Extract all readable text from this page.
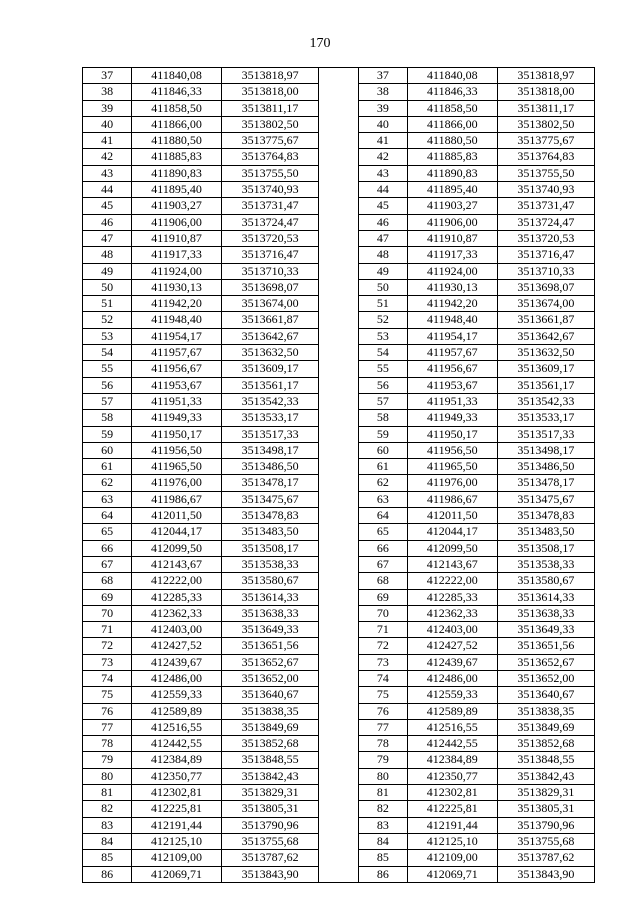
170
37	411840,08	3513818,97		37	411840,08	3513818,97
38	411846,33	3513818,00		38	411846,33	3513818,00
39	411858,50	3513811,17		39	411858,50	3513811,17
40	411866,00	3513802,50		40	411866,00	3513802,50
41	411880,50	3513775,67		41	411880,50	3513775,67
42	411885,83	3513764,83		42	411885,83	3513764,83
43	411890,83	3513755,50		43	411890,83	3513755,50
44	411895,40	3513740,93		44	411895,40	3513740,93
45	411903,27	3513731,47		45	411903,27	3513731,47
46	411906,00	3513724,47		46	411906,00	3513724,47
47	411910,87	3513720,53		47	411910,87	3513720,53
48	411917,33	3513716,47		48	411917,33	3513716,47
49	411924,00	3513710,33		49	411924,00	3513710,33
50	411930,13	3513698,07		50	411930,13	3513698,07
51	411942,20	3513674,00		51	411942,20	3513674,00
52	411948,40	3513661,87		52	411948,40	3513661,87
53	411954,17	3513642,67		53	411954,17	3513642,67
54	411957,67	3513632,50		54	411957,67	3513632,50
55	411956,67	3513609,17		55	411956,67	3513609,17
56	411953,67	3513561,17		56	411953,67	3513561,17
57	411951,33	3513542,33		57	411951,33	3513542,33
58	411949,33	3513533,17		58	411949,33	3513533,17
59	411950,17	3513517,33		59	411950,17	3513517,33
60	411956,50	3513498,17		60	411956,50	3513498,17
61	411965,50	3513486,50		61	411965,50	3513486,50
62	411976,00	3513478,17		62	411976,00	3513478,17
63	411986,67	3513475,67		63	411986,67	3513475,67
64	412011,50	3513478,83		64	412011,50	3513478,83
65	412044,17	3513483,50		65	412044,17	3513483,50
66	412099,50	3513508,17		66	412099,50	3513508,17
67	412143,67	3513538,33		67	412143,67	3513538,33
68	412222,00	3513580,67		68	412222,00	3513580,67
69	412285,33	3513614,33		69	412285,33	3513614,33
70	412362,33	3513638,33		70	412362,33	3513638,33
71	412403,00	3513649,33		71	412403,00	3513649,33
72	412427,52	3513651,56		72	412427,52	3513651,56
73	412439,67	3513652,67		73	412439,67	3513652,67
74	412486,00	3513652,00		74	412486,00	3513652,00
75	412559,33	3513640,67		75	412559,33	3513640,67
76	412589,89	3513838,35		76	412589,89	3513838,35
77	412516,55	3513849,69		77	412516,55	3513849,69
78	412442,55	3513852,68		78	412442,55	3513852,68
79	412384,89	3513848,55		79	412384,89	3513848,55
80	412350,77	3513842,43		80	412350,77	3513842,43
81	412302,81	3513829,31		81	412302,81	3513829,31
82	412225,81	3513805,31		82	412225,81	3513805,31
83	412191,44	3513790,96		83	412191,44	3513790,96
84	412125,10	3513755,68		84	412125,10	3513755,68
85	412109,00	3513787,62		85	412109,00	3513787,62
86	412069,71	3513843,90		86	412069,71	3513843,90
